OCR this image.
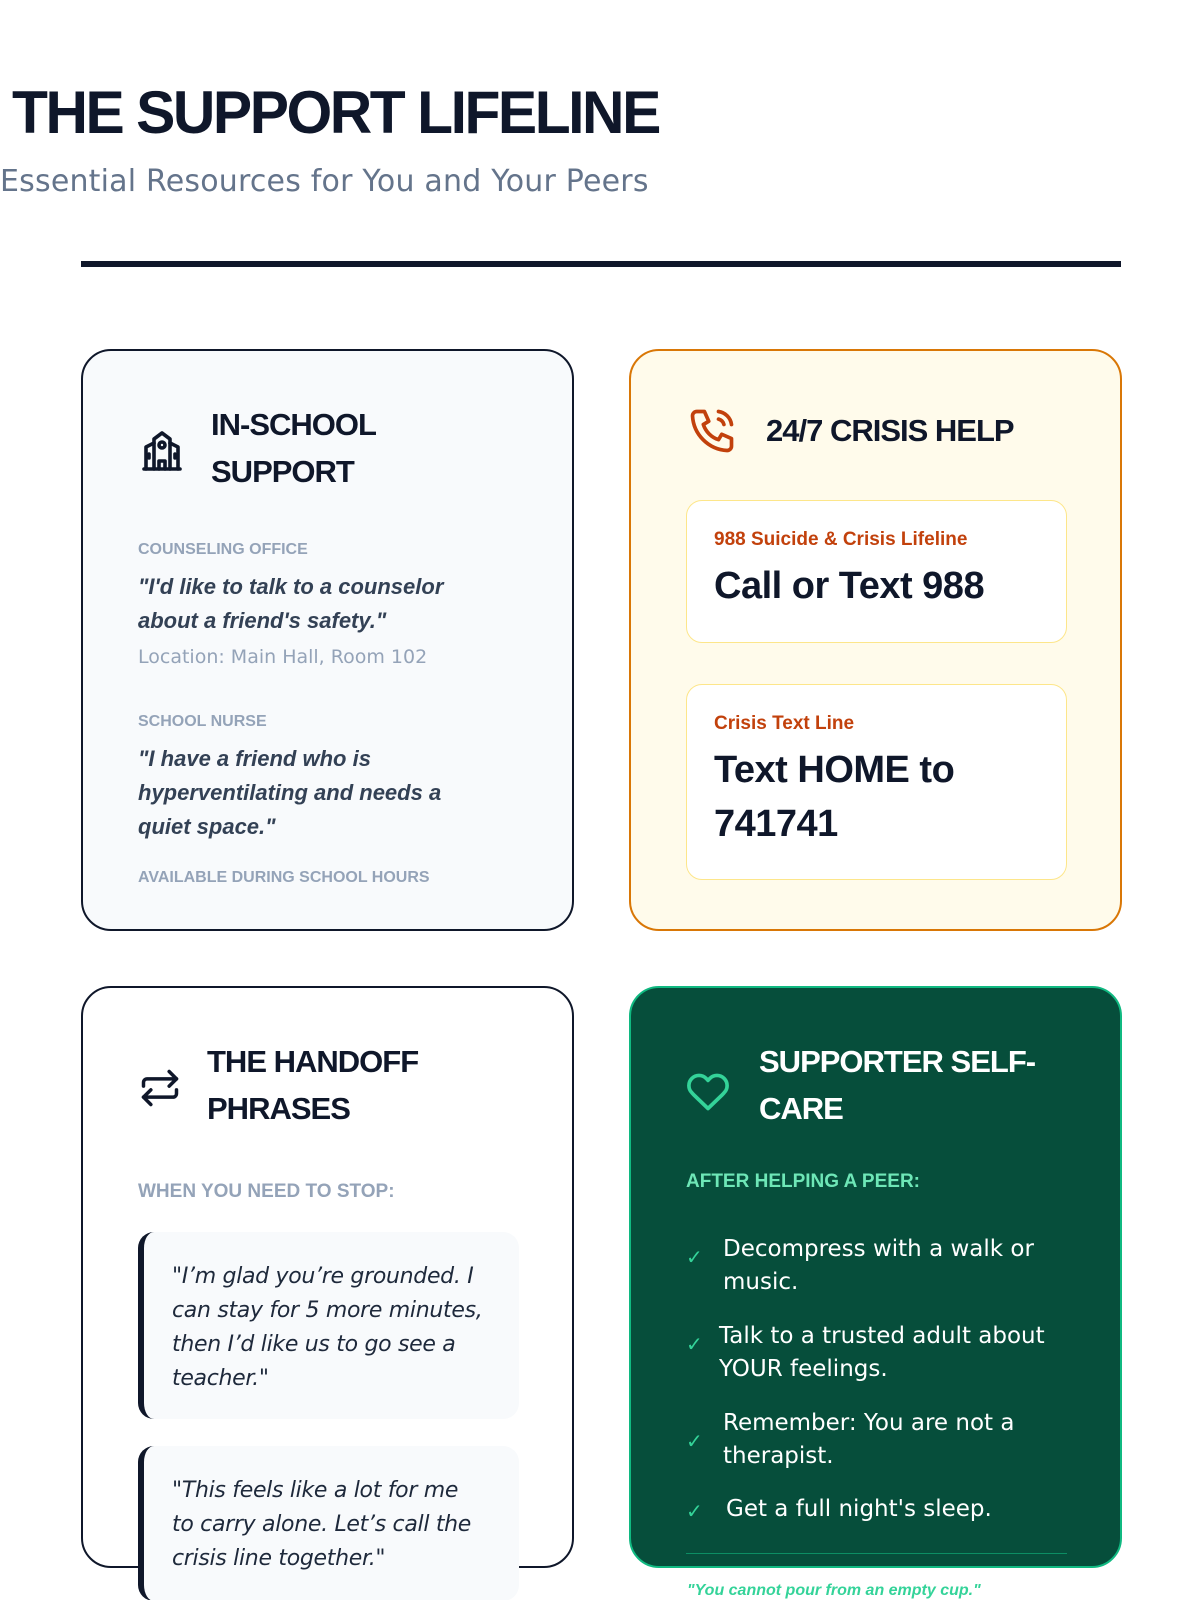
THE SUPPORT LIFELINE
Essential Resources for You and Your Peers
IN-SCHOOL
SUPPORT
COUNSELING OFFICE
"I'd like to talk to a counselor
about a friend's safety."
Location: Main Hall, Room 102
SCHOOL NURSE
"I have a friend who is
hyperventilating and needs a
quiet space."
AVAILABLE DURING SCHOOL HOURS
24/7 CRISIS HELP
988 Suicide & Crisis Lifeline
Call or Text 988
Crisis Text Line
Text HOME to
741741
THE HANDOFF
PHRASES
WHEN YOU NEED TO STOP:
"I’m glad you’re grounded. I
can stay for 5 more minutes,
then I’d like us to go see a
teacher."
"This feels like a lot for me
to carry alone. Let’s call the
crisis line together."
SUPPORTER SELF-
CARE
AFTER HELPING A PEER:
✓ Decompress with a walk or
music.
✓ Talk to a trusted adult about
YOUR feelings.
✓
Remember: You are not a
therapist.
✓ Get a full night's sleep.
"You cannot pour from an empty cup."
